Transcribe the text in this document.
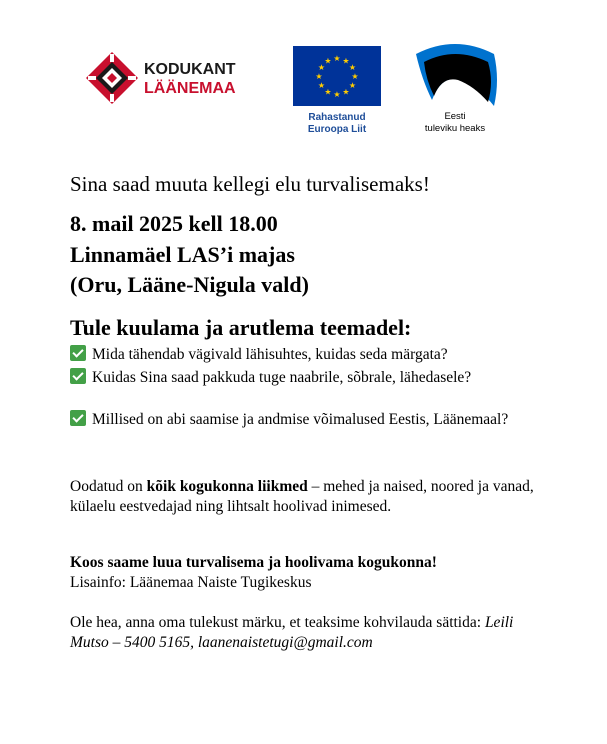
KODUKANT
LÄÄNEMAA
★ ★
★
★
★
★
★
★
★
★
★
★
Rahastanud
Euroopa Liit
Eesti
tuleviku heaks
Sina saad muuta kellegi elu turvalisemaks!
8. mail 2025 kell 18.00
Linnamäel LAS’i majas
(Oru, Lääne-Nigula vald)
Tule kuulama ja arutlema teemadel:
Mida tähendab vägivald lähisuhtes, kuidas seda märgata?
Kuidas Sina saad pakkuda tuge naabrile, sõbrale, lähedasele?
Millised on abi saamise ja andmise võimalused Eestis, Läänemaal?
Oodatud on kõik kogukonna liikmed – mehed ja naised, noored ja vanad, külaelu eestvedajad ning lihtsalt hoolivad inimesed.
Koos saame luua turvalisema ja hoolivama kogukonna!
Lisainfo: Läänemaa Naiste Tugikeskus
Ole hea, anna oma tulekust märku, et teaksime kohvilauda sättida: Leili Mutso – 5400 5165, laanenaistetugi@gmail.com
